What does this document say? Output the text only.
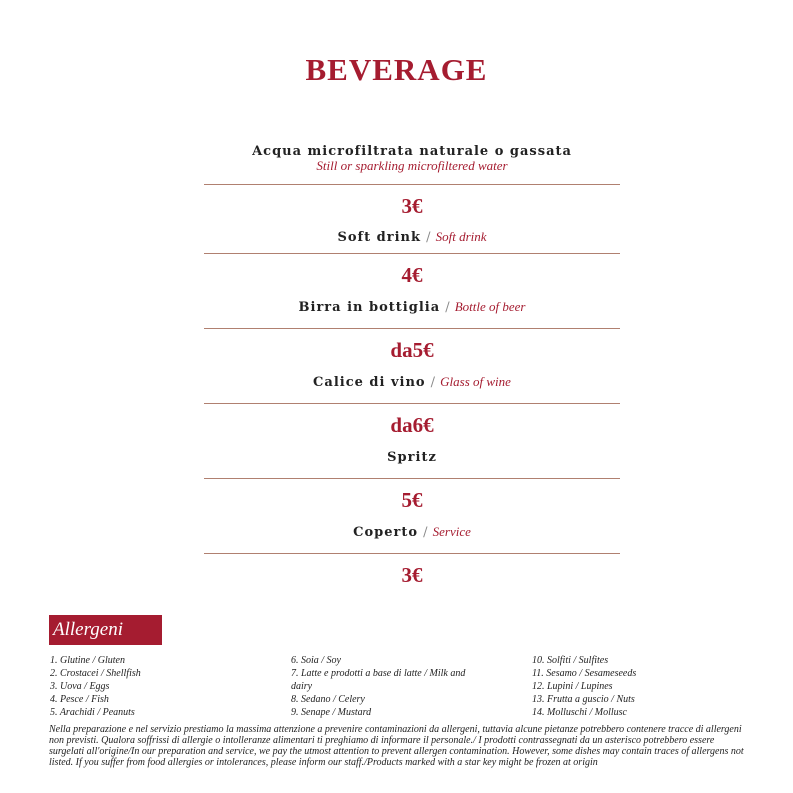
BEVERAGE
Acqua microfiltrata naturale o gassata
Still or sparkling microfiltered water
3€
Soft drink / Soft drink
4€
Birra in bottiglia / Bottle of beer
da5€
Calice di vino / Glass of wine
da6€
Spritz
5€
Coperto / Service
3€
Allergeni
1. Glutine / Gluten
2. Crostacei / Shellfish
3. Uova / Eggs
4. Pesce / Fish
5. Arachidi / Peanuts
6. Soia / Soy
7. Latte e prodotti a base di latte / Milk and
dairy
8. Sedano / Celery
9. Senape / Mustard
10. Solfiti / Sulfites
11. Sesamo / Sesameseeds
12. Lupini / Lupines
13. Frutta a guscio / Nuts
14. Molluschi / Mollusc
Nella preparazione e nel servizio prestiamo la massima attenzione a prevenire contaminazioni da allergeni, tuttavia alcune pietanze potrebbero contenere tracce di allergeni non previsti. Qualora soffrissi di allergie o intolleranze alimentari ti preghiamo di informare il personale./ I prodotti contrassegnati da un asterisco potrebbero essere surgelati all'origine/In our preparation and service, we pay the utmost attention to prevent allergen contamination. However, some dishes may contain traces of allergens not listed. If you suffer from food allergies or intolerances, please inform our staff./Products marked with a star key might be frozen at origin
